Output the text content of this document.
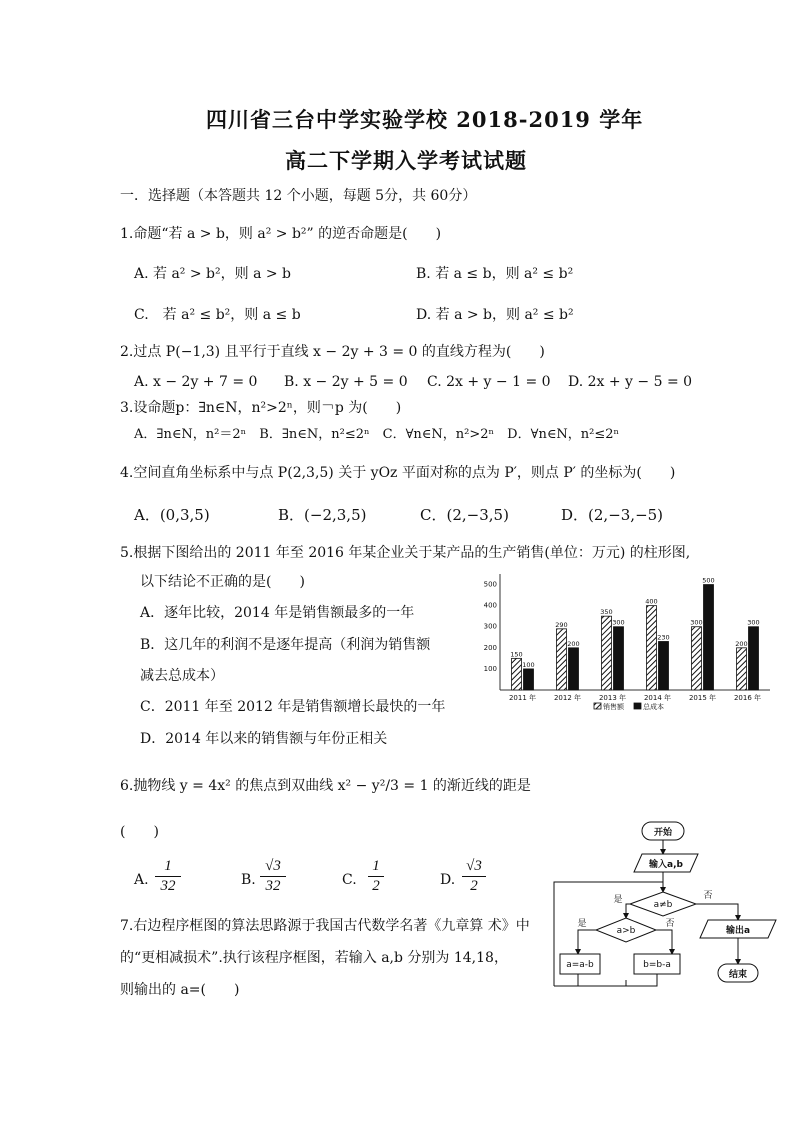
四川省三台中学实验学校 2018-2019 学年
高二下学期入学考试试题
一．选择题（本答题共 12 个小题，每题 5分，共 60分）
1.命题“若 a > b，则 a² > b²” 的逆否命题是(　　)
A. 若 a² > b²，则 a > b	B. 若 a ≤ b，则 a² ≤ b²
C.　若 a² ≤ b²，则 a ≤ b	D. 若 a > b，则 a² ≤ b²
2.过点 P(−1,3) 且平行于直线 x − 2y + 3 = 0 的直线方程为(　　)
A. x − 2y + 7 = 0 B. x − 2y + 5 = 0 C. 2x + y − 1 = 0 D. 2x + y − 5 = 0
3.设命题p：∃n∈N，n²>2ⁿ，则￢p 为(　　)
A．∃n∈N，n²＝2ⁿ　B．∃n∈N，n²≤2ⁿ　C．∀n∈N，n²>2ⁿ　D．∀n∈N，n²≤2ⁿ
4.空间直角坐标系中与点 P(2,3,5) 关于 yOz 平面对称的点为 P′，则点 P′ 的坐标为(　　)
A．(0,3,5)	B．(−2,3,5)	C．(2,−3,5)	D．(2,−3,−5)
5.根据下图给出的 2011 年至 2016 年某企业关于某产品的生产销售(单位：万元) 的柱形图,
以下结论不正确的是(　　)
A．逐年比较，2014 年是销售额最多的一年
B．这几年的利润不是逐年提高（利润为销售额
减去总成本）
C．2011 年至 2012 年是销售额增长最快的一年
D．2014 年以来的销售额与年份正相关
100
200
300
400
500
150
100
2011 年
290
200
2012 年
350
300
2013 年
400
230
2014 年
300
500
2015 年
200
300
2016 年
销售额	总成本
6.抛物线 y = 4x² 的焦点到双曲线 x² − y²/3 = 1 的渐近线的距是
(　　)
A.
1
32	B.
√3
32	C.
1
2	D.
√3
2
7.右边程序框图的算法思路源于我国古代数学名著《九章算 术》中
的“更相减损术”.执行该程序框图，若输入 a,b 分别为 14,18，
则输出的 a=(　　)
开始
输入a,b
a≠b
a>b
a=a-b	b=b-a
输出a
结束
是	否
是	否
